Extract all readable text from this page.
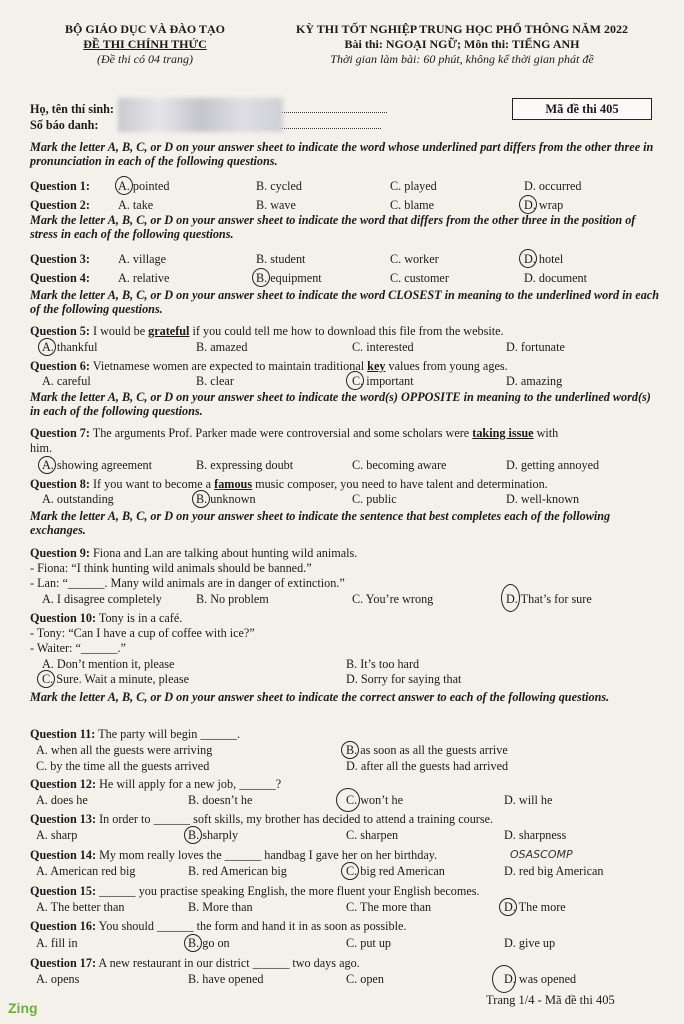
BỘ GIÁO DỤC VÀ ĐÀO TẠO
ĐỀ THI CHÍNH THỨC
(Đề thi có 04 trang)
KỲ THI TỐT NGHIỆP TRUNG HỌC PHỔ THÔNG NĂM 2022
Bài thi: NGOẠI NGỮ; Môn thi: TIẾNG ANH
Thời gian làm bài: 60 phút, không kể thời gian phát đề
Họ, tên thí sinh:
Số báo danh:
Mã đề thi 405
Mark the letter A, B, C, or D on your answer sheet to indicate the word whose underlined part differs from the other three in pronunciation in each of the following questions.
Question 1:	A. pointed	B. cycled	C. played	D. occurred
Question 2:	A. take	B. wave	C. blame	D. wrap
Mark the letter A, B, C, or D on your answer sheet to indicate the word that differs from the other three in the position of stress in each of the following questions.
Question 3:	A. village	B. student	C. worker	D. hotel
Question 4:	A. relative	B. equipment	C. customer	D. document
Mark the letter A, B, C, or D on your answer sheet to indicate the word CLOSEST in meaning to the underlined word in each of the following questions.
Question 5: I would be grateful if you could tell me how to download this file from the website.
A. thankful	B. amazed	C. interested	D. fortunate
Question 6: Vietnamese women are expected to maintain traditional key values from young ages.
A. careful	B. clear	C. important	D. amazing
Mark the letter A, B, C, or D on your answer sheet to indicate the word(s) OPPOSITE in meaning to the underlined word(s) in each of the following questions.
Question 7: The arguments Prof. Parker made were controversial and some scholars were taking issue with
him.
A. showing agreement	B. expressing doubt	C. becoming aware	D. getting annoyed
Question 8: If you want to become a famous music composer, you need to have talent and determination.
A. outstanding	B. unknown	C. public	D. well-known
Mark the letter A, B, C, or D on your answer sheet to indicate the sentence that best completes each of the following exchanges.
Question 9: Fiona and Lan are talking about hunting wild animals.
- Fiona: “I think hunting wild animals should be banned.”
- Lan: “______. Many wild animals are in danger of extinction.”
A. I disagree completely	B. No problem	C. You’re wrong	D. That’s for sure
Question 10: Tony is in a café.
- Tony: “Can I have a cup of coffee with ice?”
- Waiter: “______.”
A. Don’t mention it, please	B. It’s too hard
C. Sure. Wait a minute, please	D. Sorry for saying that
Mark the letter A, B, C, or D on your answer sheet to indicate the correct answer to each of the following questions.
Question 11: The party will begin ______.
A. when all the guests were arriving	B. as soon as all the guests arrive
C. by the time all the guests arrived	D. after all the guests had arrived
Question 12: He will apply for a new job, ______?
A. does he	B. doesn’t he	C. won’t he	D. will he
Question 13: In order to ______ soft skills, my brother has decided to attend a training course.
A. sharp	B. sharply	C. sharpen	D. sharpness
Question 14: My mom really loves the ______ handbag I gave her on her birthday.	OSASCOMP
A. American red big	B. red American big	C. big red American	D. red big American
Question 15: ______ you practise speaking English, the more fluent your English becomes.
A. The better than	B. More than	C. The more than	D. The more
Question 16: You should ______ the form and hand it in as soon as possible.
A. fill in	B. go on	C. put up	D. give up
Question 17: A new restaurant in our district ______ two days ago.
A. opens	B. have opened	C. open	D. was opened
Trang 1/4 - Mã đề thi 405
Zing
